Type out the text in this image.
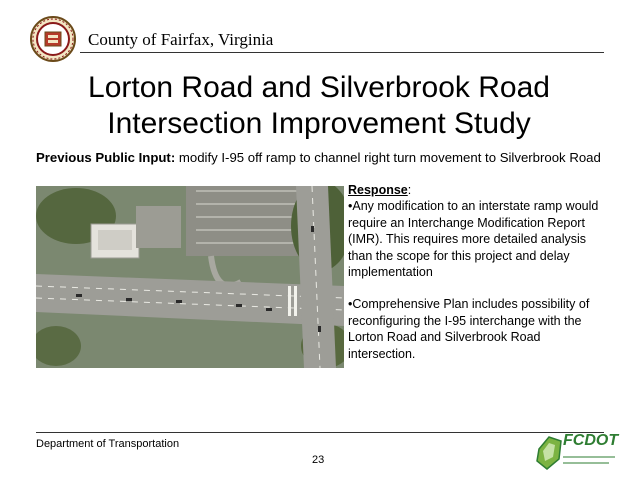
County of Fairfax, Virginia
Lorton Road and Silverbrook Road
Intersection Improvement Study
Previous Public Input: modify I-95 off ramp to channel right turn movement to Silverbrook Road

Response:

•Any modification to an interstate ramp would require an Interchange Modification Report (IMR). This requires more detailed analysis than the scope for this project and delay implementation

•Comprehensive Plan includes possibility of reconfiguring the I-95 interchange with the Lorton Road and Silverbrook Road intersection.

Department of Transportation
23
FCDOT
